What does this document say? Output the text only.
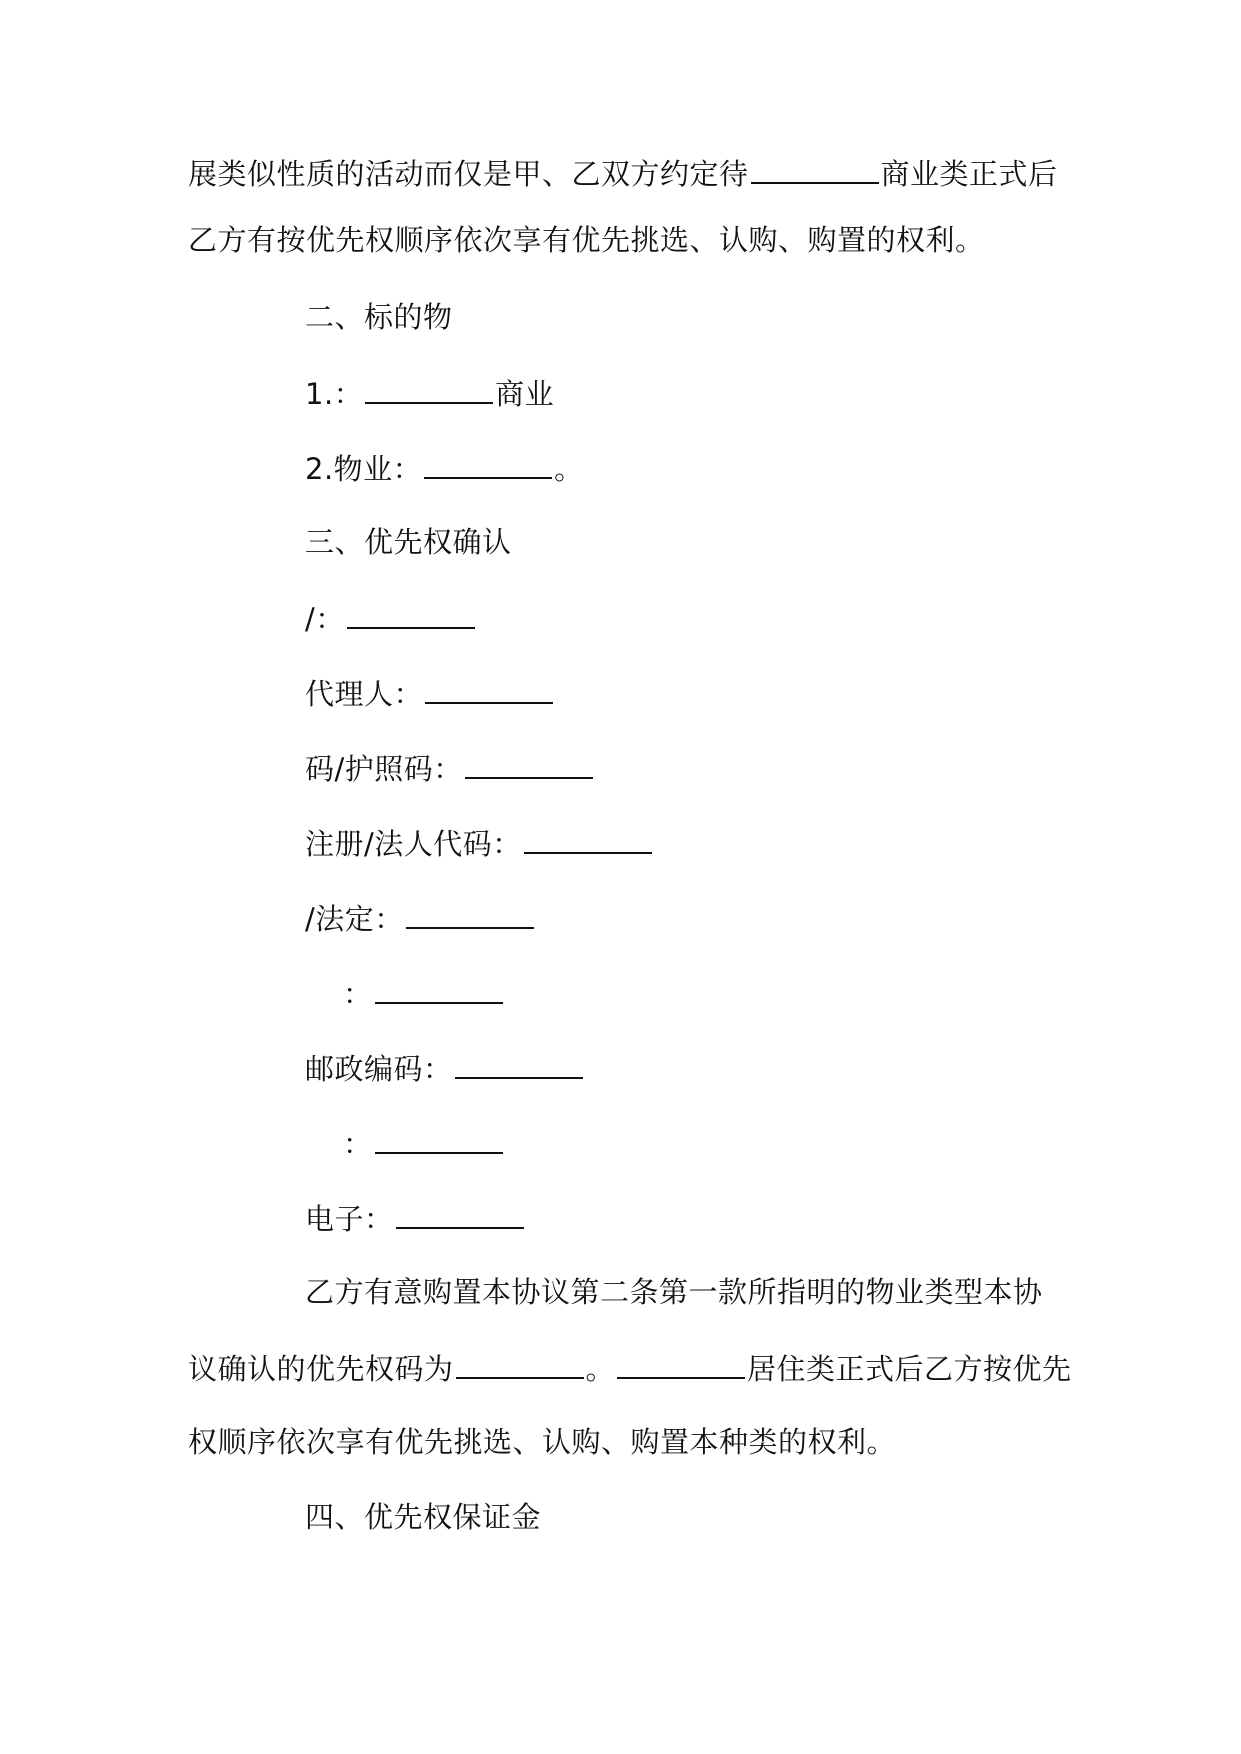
展类似性质的活动而仅是甲、乙双方约定待	商业类正式后
乙方有按优先权顺序依次享有优先挑选、认购、购置的权利。
二、标的物
1.：	商业
2.物业：	。
三、优先权确认
/：
代理人：
码/护照码：
注册/法人代码：
/法定：
：
邮政编码：
：
电子：
乙方有意购置本协议第二条第一款所指明的物业类型本协
议确认的优先权码为	。	居住类正式后乙方按优先
权顺序依次享有优先挑选、认购、购置本种类的权利。
四、优先权保证金
